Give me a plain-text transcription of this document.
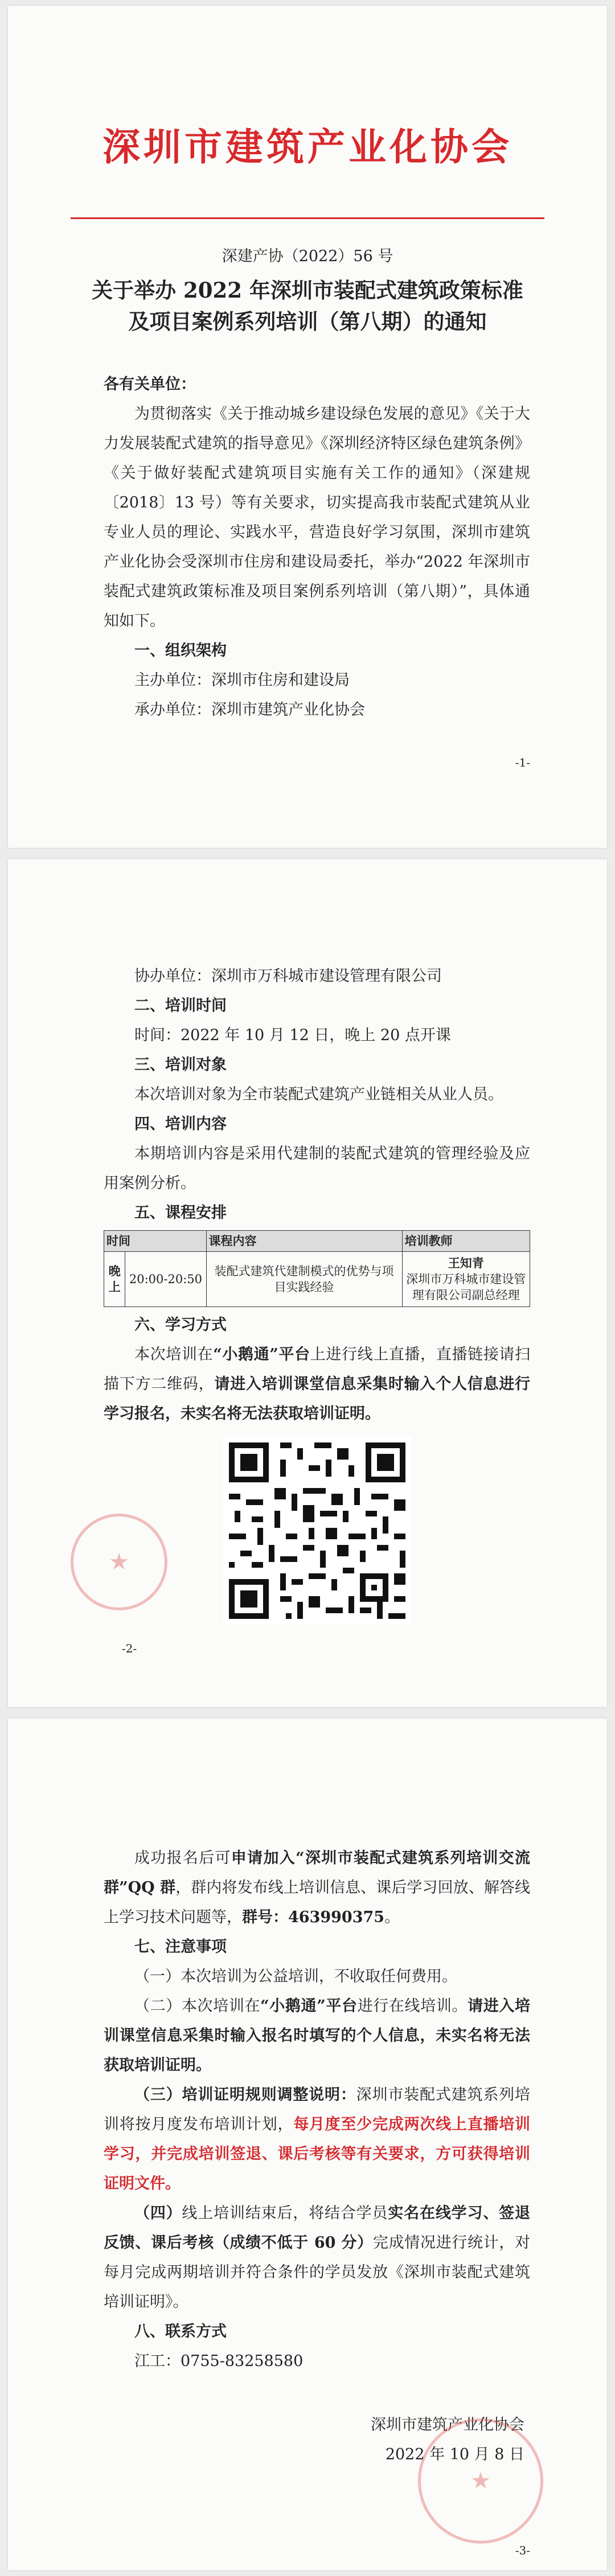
深圳市建筑产业化协会
深建产协（2022）56 号
关于举办 2022 年深圳市装配式建筑政策标准
及项目案例系列培训（第八期）的通知

各有关单位：

为贯彻落实《关于推动城乡建设绿色发展的意见》《关于大力发展装配式建筑的指导意见》《深圳经济特区绿色建筑条例》《关于做好装配式建筑项目实施有关工作的通知》（深建规〔2018〕13 号）等有关要求，切实提高我市装配式建筑从业专业人员的理论、实践水平，营造良好学习氛围，深圳市建筑产业化协会受深圳市住房和建设局委托，举办“2022 年深圳市装配式建筑政策标准及项目案例系列培训（第八期）”，具体通知如下。

一、组织架构

主办单位：深圳市住房和建设局

承办单位：深圳市建筑产业化协会

-1-

协办单位：深圳市万科城市建设管理有限公司

二、培训时间

时间：2022 年 10 月 12 日，晚上 20 点开课

三、培训对象

本次培训对象为全市装配式建筑产业链相关从业人员。

四、培训内容

本期培训内容是采用代建制的装配式建筑的管理经验及应用案例分析。

五、课程安排

时间		课程内容	培训教师
晚上	20:00-20:50	装配式建筑代建制模式的优势与项目实践经验	王知青
深圳市万科城市建设管理有限公司副总经理

六、学习方式

本次培训在“小鹅通”平台上进行线上直播，直播链接请扫描下方二维码，请进入培训课堂信息采集时输入个人信息进行学习报名，未实名将无法获取培训证明。

★
-2-

成功报名后可申请加入“深圳市装配式建筑系列培训交流群”QQ 群，群内将发布线上培训信息、课后学习回放、解答线上学习技术问题等，群号：463990375。

七、注意事项

（一）本次培训为公益培训，不收取任何费用。

（二）本次培训在“小鹅通”平台进行在线培训。请进入培训课堂信息采集时输入报名时填写的个人信息，未实名将无法获取培训证明。

（三）培训证明规则调整说明：深圳市装配式建筑系列培训将按月度发布培训计划，每月度至少完成两次线上直播培训学习，并完成培训签退、课后考核等有关要求，方可获得培训证明文件。

（四）线上培训结束后，将结合学员实名在线学习、签退反馈、课后考核（成绩不低于 60 分）完成情况进行统计，对每月完成两期培训并符合条件的学员发放《深圳市装配式建筑培训证明》。

八、联系方式

江工：0755-83258580

深圳市建筑产业化协会
2022 年 10 月 8 日
★
-3-
